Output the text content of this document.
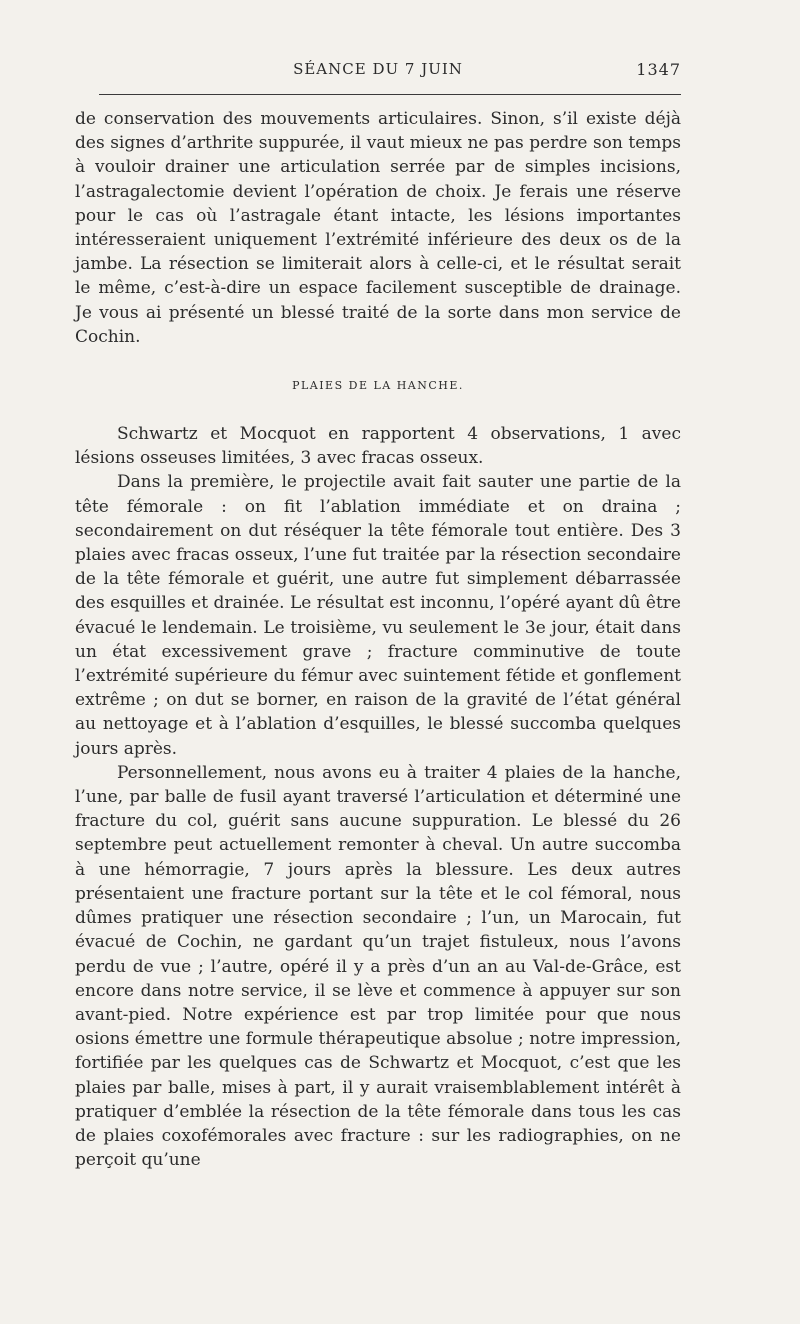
SÉANCE DU 7 JUIN	1347

de conservation des mouvements articulaires. Sinon, s’il existe déjà des signes d’arthrite suppurée, il vaut mieux ne pas perdre son temps à vouloir drainer une articulation serrée par de simples incisions, l’astragalectomie devient l’opération de choix. Je ferais une réserve pour le cas où l’astragale étant intacte, les lésions importantes intéresseraient uniquement l’extrémité inférieure des deux os de la jambe. La résection se limiterait alors à celle-ci, et le résultat serait le même, c’est-à-dire un espace facilement susceptible de drainage. Je vous ai présenté un blessé traité de la sorte dans mon service de Cochin.

PLAIES DE LA HANCHE.

Schwartz et Mocquot en rapportent 4 observations, 1 avec lésions osseuses limitées, 3 avec fracas osseux.

Dans la première, le projectile avait fait sauter une partie de la tête fémorale : on fit l’ablation immédiate et on draina ; secondairement on dut réséquer la tête fémorale tout entière. Des 3 plaies avec fracas osseux, l’une fut traitée par la résection secondaire de la tête fémorale et guérit, une autre fut simplement débarrassée des esquilles et drainée. Le résultat est inconnu, l’opéré ayant dû être évacué le lendemain. Le troisième, vu seulement le 3e jour, était dans un état excessivement grave ; fracture comminutive de toute l’extrémité supérieure du fémur avec suintement fétide et gonflement extrême ; on dut se borner, en raison de la gravité de l’état général au nettoyage et à l’ablation d’esquilles, le blessé succomba quelques jours après.

Personnellement, nous avons eu à traiter 4 plaies de la hanche, l’une, par balle de fusil ayant traversé l’articulation et déterminé une fracture du col, guérit sans aucune suppuration. Le blessé du 26 septembre peut actuellement remonter à cheval. Un autre succomba à une hémorragie, 7 jours après la blessure. Les deux autres présentaient une fracture portant sur la tête et le col fémoral, nous dûmes pratiquer une résection secondaire ; l’un, un Marocain, fut évacué de Cochin, ne gardant qu’un trajet fistuleux, nous l’avons perdu de vue ; l’autre, opéré il y a près d’un an au Val-de-Grâce, est encore dans notre service, il se lève et commence à appuyer sur son avant-pied. Notre expérience est par trop limitée pour que nous osions émettre une formule thérapeutique absolue ; notre impression, fortifiée par les quelques cas de Schwartz et Mocquot, c’est que les plaies par balle, mises à part, il y aurait vraisemblablement intérêt à pratiquer d’emblée la résection de la tête fémorale dans tous les cas de plaies coxofémorales avec fracture : sur les radiographies, on ne perçoit qu’une
